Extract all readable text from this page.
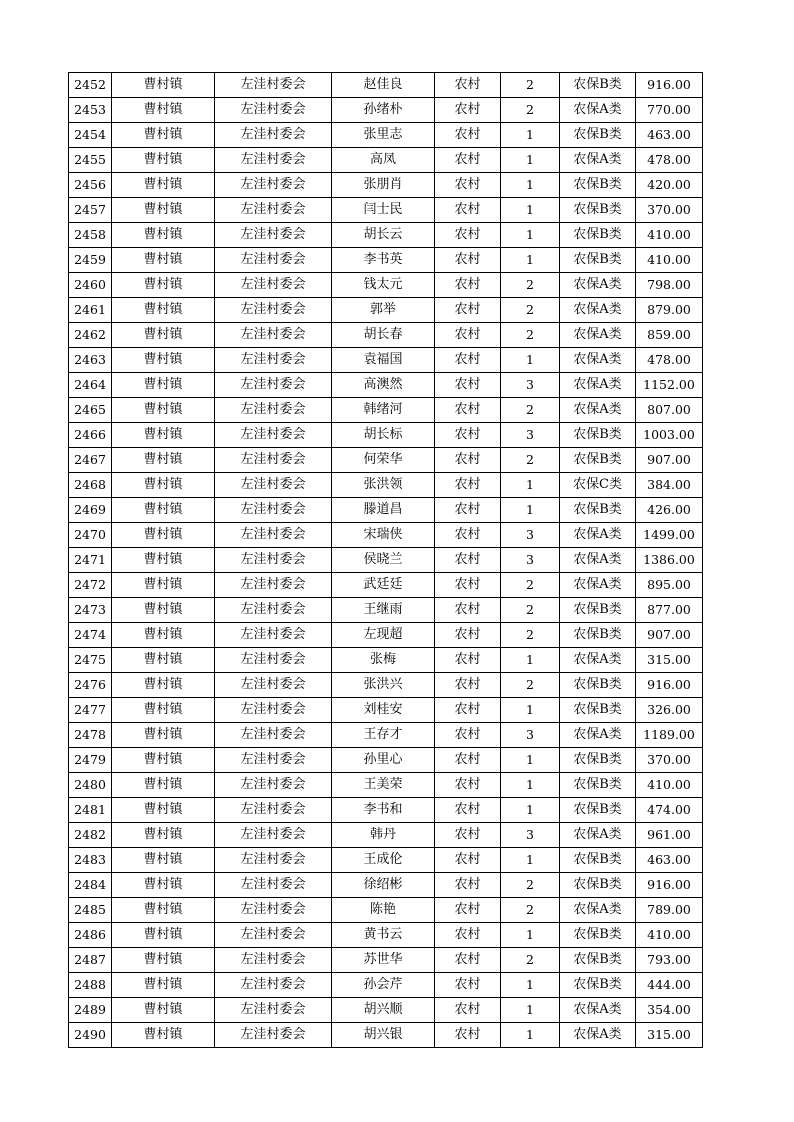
2452	曹村镇	左洼村委会	赵佳良	农村	2	农保B类	916.00
2453	曹村镇	左洼村委会	孙绪朴	农村	2	农保A类	770.00
2454	曹村镇	左洼村委会	张里志	农村	1	农保B类	463.00
2455	曹村镇	左洼村委会	高凤	农村	1	农保A类	478.00
2456	曹村镇	左洼村委会	张朋肖	农村	1	农保B类	420.00
2457	曹村镇	左洼村委会	闫士民	农村	1	农保B类	370.00
2458	曹村镇	左洼村委会	胡长云	农村	1	农保B类	410.00
2459	曹村镇	左洼村委会	李书英	农村	1	农保B类	410.00
2460	曹村镇	左洼村委会	钱太元	农村	2	农保A类	798.00
2461	曹村镇	左洼村委会	郭举	农村	2	农保A类	879.00
2462	曹村镇	左洼村委会	胡长春	农村	2	农保A类	859.00
2463	曹村镇	左洼村委会	袁福国	农村	1	农保A类	478.00
2464	曹村镇	左洼村委会	高澳然	农村	3	农保A类	1152.00
2465	曹村镇	左洼村委会	韩绪河	农村	2	农保A类	807.00
2466	曹村镇	左洼村委会	胡长标	农村	3	农保B类	1003.00
2467	曹村镇	左洼村委会	何荣华	农村	2	农保B类	907.00
2468	曹村镇	左洼村委会	张洪领	农村	1	农保C类	384.00
2469	曹村镇	左洼村委会	滕道昌	农村	1	农保B类	426.00
2470	曹村镇	左洼村委会	宋瑞侠	农村	3	农保A类	1499.00
2471	曹村镇	左洼村委会	侯晓兰	农村	3	农保A类	1386.00
2472	曹村镇	左洼村委会	武廷廷	农村	2	农保A类	895.00
2473	曹村镇	左洼村委会	王继雨	农村	2	农保B类	877.00
2474	曹村镇	左洼村委会	左现超	农村	2	农保B类	907.00
2475	曹村镇	左洼村委会	张梅	农村	1	农保A类	315.00
2476	曹村镇	左洼村委会	张洪兴	农村	2	农保B类	916.00
2477	曹村镇	左洼村委会	刘桂安	农村	1	农保B类	326.00
2478	曹村镇	左洼村委会	王存才	农村	3	农保A类	1189.00
2479	曹村镇	左洼村委会	孙里心	农村	1	农保B类	370.00
2480	曹村镇	左洼村委会	王美荣	农村	1	农保B类	410.00
2481	曹村镇	左洼村委会	李书和	农村	1	农保B类	474.00
2482	曹村镇	左洼村委会	韩丹	农村	3	农保A类	961.00
2483	曹村镇	左洼村委会	王成伦	农村	1	农保B类	463.00
2484	曹村镇	左洼村委会	徐绍彬	农村	2	农保B类	916.00
2485	曹村镇	左洼村委会	陈艳	农村	2	农保A类	789.00
2486	曹村镇	左洼村委会	黄书云	农村	1	农保B类	410.00
2487	曹村镇	左洼村委会	苏世华	农村	2	农保B类	793.00
2488	曹村镇	左洼村委会	孙会芹	农村	1	农保B类	444.00
2489	曹村镇	左洼村委会	胡兴顺	农村	1	农保A类	354.00
2490	曹村镇	左洼村委会	胡兴银	农村	1	农保A类	315.00
